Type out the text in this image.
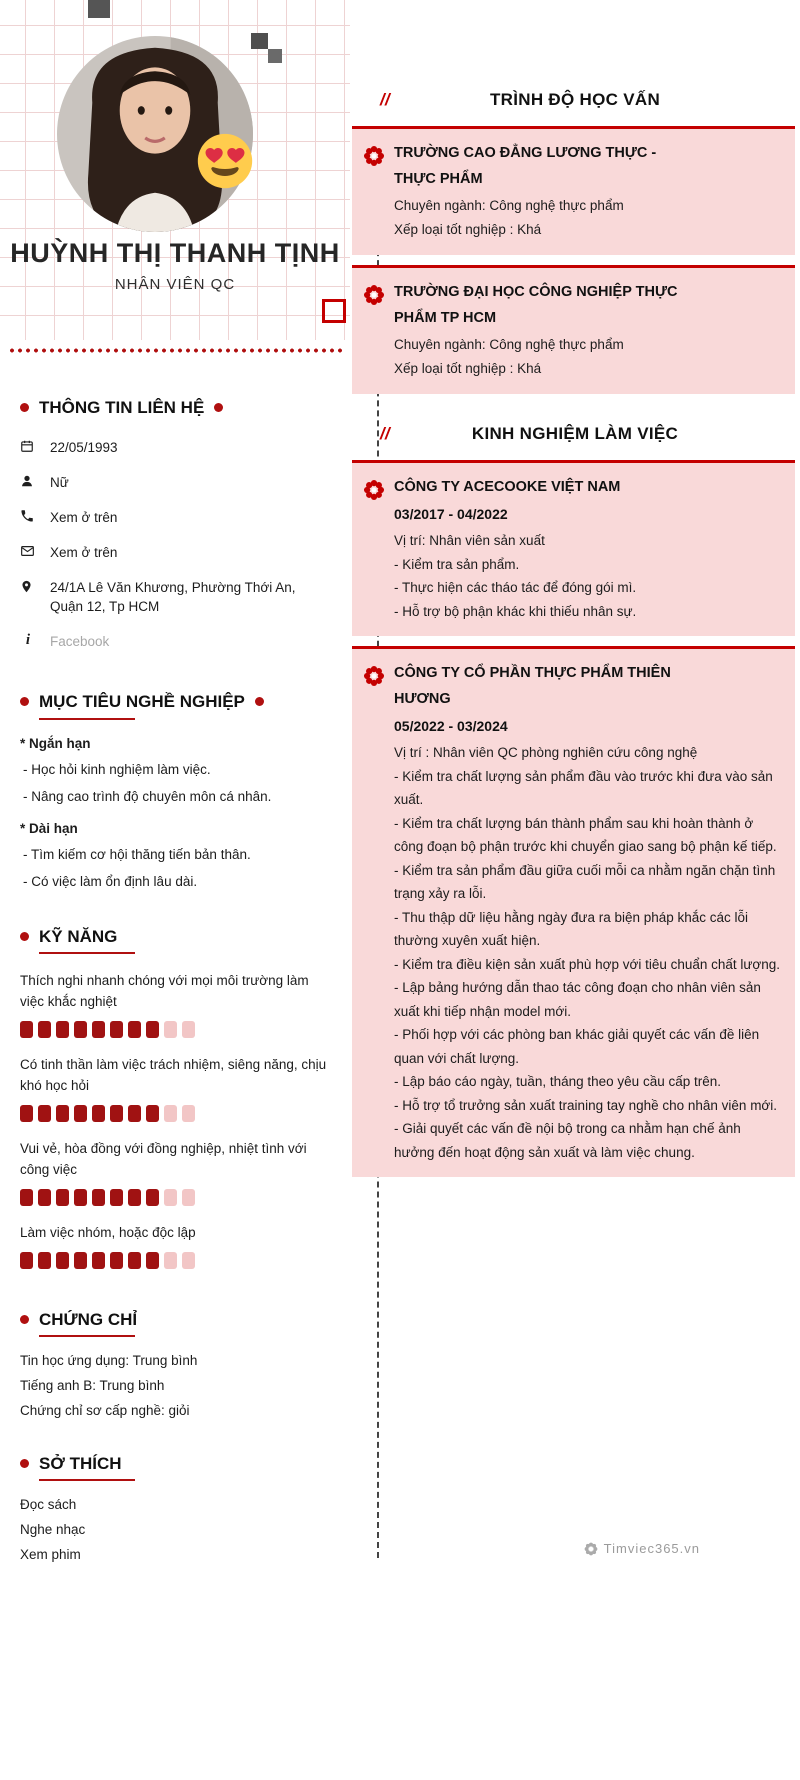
HUỲNH THỊ THANH TỊNH
NHÂN VIÊN QC
THÔNG TIN LIÊN HỆ
22/05/1993
Nữ
Xem ở trên
Xem ở trên
24/1A Lê Văn Khương, Phường Thới An, Quận 12, Tp HCM
i	Facebook
MỤC TIÊU NGHỀ NGHIỆP
* Ngắn hạn
- Học hỏi kinh nghiệm làm việc.
- Nâng cao trình độ chuyên môn cá nhân.
* Dài hạn
- Tìm kiếm cơ hội thăng tiến bản thân.
- Có việc làm ổn định lâu dài.
KỸ NĂNG
Thích nghi nhanh chóng với mọi môi trường làm việc khắc nghiệt
Có tinh thần làm việc trách nhiệm, siêng năng, chịu khó học hỏi
Vui vẻ, hòa đồng với đồng nghiệp, nhiệt tình với công việc
Làm việc nhóm, hoặc độc lập
CHỨNG CHỈ
Tin học ứng dụng: Trung bình
Tiếng anh B: Trung bình
Chứng chỉ sơ cấp nghề: giỏi
SỞ THÍCH
Đọc sách
Nghe nhạc
Xem phim
//	TRÌNH ĐỘ HỌC VẤN
TRƯỜNG CAO ĐẲNG LƯƠNG THỰC - THỰC PHẨM
Chuyên ngành: Công nghệ thực phẩm
Xếp loại tốt nghiệp : Khá
TRƯỜNG ĐẠI HỌC CÔNG NGHIỆP THỰC PHẨM TP HCM
Chuyên ngành: Công nghệ thực phẩm
Xếp loại tốt nghiệp : Khá
//	KINH NGHIỆM LÀM VIỆC
CÔNG TY ACECOOKE VIỆT NAM
03/2017 - 04/2022
Vị trí: Nhân viên sản xuất
- Kiểm tra sản phẩm.
- Thực hiện các tháo tác để đóng gói mì.
- Hỗ trợ bộ phận khác khi thiếu nhân sự.
CÔNG TY CỔ PHẦN THỰC PHẨM THIÊN HƯƠNG
05/2022 - 03/2024
Vị trí : Nhân viên QC phòng nghiên cứu công nghệ
- Kiểm tra chất lượng sản phẩm đầu vào trước khi đưa vào sản xuất.
- Kiểm tra chất lượng bán thành phẩm sau khi hoàn thành ở công đoạn bộ phận trước khi chuyển giao sang bộ phận kế tiếp.
- Kiểm tra sản phẩm đầu giữa cuối mỗi ca nhằm ngăn chặn tình trạng xảy ra lỗi.
- Thu thập dữ liệu hằng ngày đưa ra biện pháp khắc các lỗi thường xuyên xuất hiện.
- Kiểm tra điều kiện sản xuất phù hợp với tiêu chuẩn chất lượng.
- Lập bảng hướng dẫn thao tác công đoạn cho nhân viên sản xuất khi tiếp nhận model mới.
- Phối hợp với các phòng ban khác giải quyết các vấn đề liên quan với chất lượng.
- Lập báo cáo ngày, tuần, tháng theo yêu cầu cấp trên.
- Hỗ trợ tổ trưởng sản xuất training tay nghề cho nhân viên mới.
- Giải quyết các vấn đề nội bộ trong ca nhằm hạn chế ảnh hưởng đến hoạt động sản xuất và làm việc chung.
Timviec365.vn
